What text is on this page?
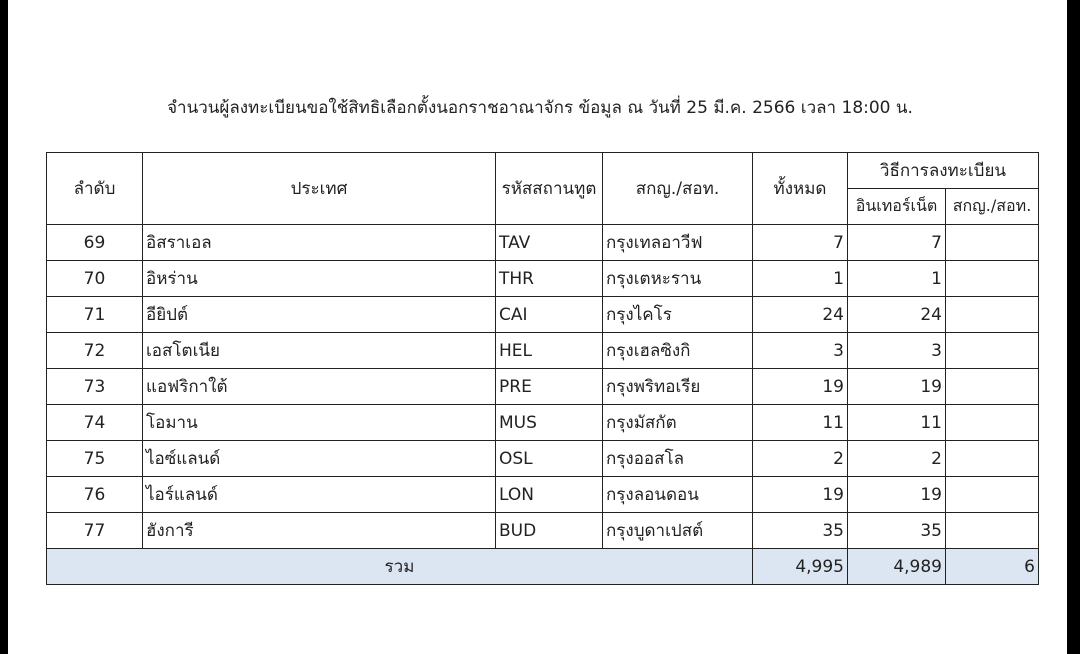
จำนวนผู้ลงทะเบียนขอใช้สิทธิเลือกตั้งนอกราชอาณาจักร ข้อมูล ณ วันที่ 25 มี.ค. 2566 เวลา 18:00 น.
ลำดับ	ประเทศ	รหัสสถานทูต	สกญ./สอท.	ทั้งหมด	วิธีการลงทะเบียน	
					อินเทอร์เน็ต	สกญ./สอท.
69	อิสราเอล	TAV	กรุงเทลอาวีฟ	7	7	
70	อิหร่าน	THR	กรุงเตหะราน	1	1	
71	อียิปต์	CAI	กรุงไคโร	24	24	
72	เอสโตเนีย	HEL	กรุงเฮลซิงกิ	3	3	
73	แอฟริกาใต้	PRE	กรุงพริทอเรีย	19	19	
74	โอมาน	MUS	กรุงมัสกัต	11	11	
75	ไอซ์แลนด์	OSL	กรุงออสโล	2	2	
76	ไอร์แลนด์	LON	กรุงลอนดอน	19	19	
77	ฮังการี	BUD	กรุงบูดาเปสต์	35	35	
รวม				4,995	4,989	6
